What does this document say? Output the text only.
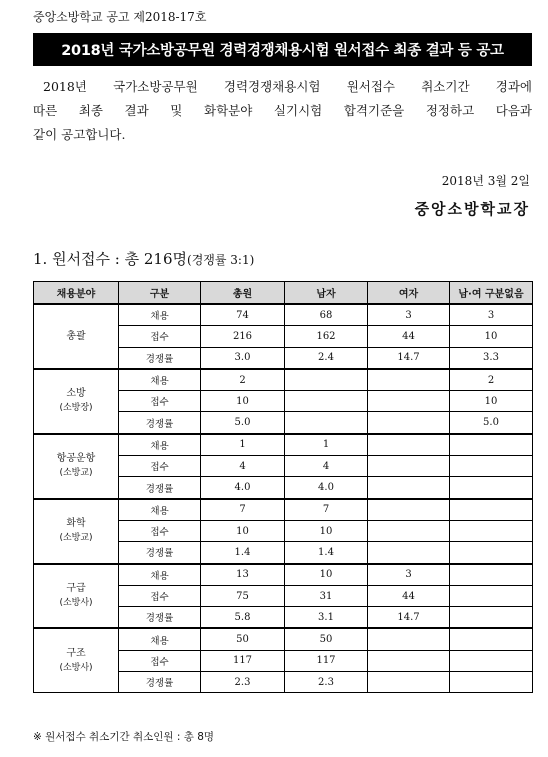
중앙소방학교 공고 제2018-17호
2018년 국가소방공무원 경력경쟁채용시험 원서접수 최종 결과 등 공고

2018년 국가소방공무원 경력경쟁채용시험 원서접수 취소기간 경과에

따른 최종 결과 및 화학분야 실기시험 합격기준을 정정하고 다음과

같이 공고합니다.

2018년 3월 2일
중앙소방학교장
1. 원서접수 : 총 216명(경쟁률 3:1)
채용분야	구분	총원	남자	여자	남·여 구분없음

총괄	채용	74	68	3	3
	접수	216	162	44	10
	경쟁률	3.0	2.4	14.7	3.3

소방
(소방장)	채용	2			2
	접수	10			10
	경쟁률	5.0			5.0

항공운항
(소방교)	채용	1	1		
	접수	4	4		
	경쟁률	4.0	4.0		

화학
(소방교)	채용	7	7		
	접수	10	10		
	경쟁률	1.4	1.4		

구급
(소방사)	채용	13	10	3	
	접수	75	31	44	
	경쟁률	5.8	3.1	14.7	

구조
(소방사)	채용	50	50		
	접수	117	117		
	경쟁률	2.3	2.3		
※ 원서접수 취소기간 취소인원 : 총 8명
